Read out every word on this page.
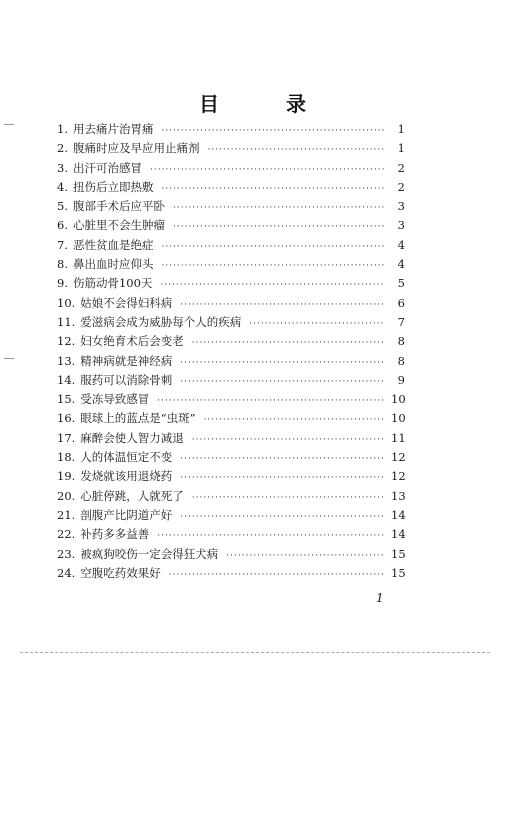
目 录
1. 用去痛片治胃痛 ·····	1
2. 腹痛时应及早应用止痛剂 ·····	1
3. 出汗可治感冒 ·····	2
4. 扭伤后立即热敷 ·····	2
5. 腹部手术后应平卧 ·····	3
6. 心脏里不会生肿瘤 ·····	3
7. 恶性贫血是绝症 ·····	4
8. 鼻出血时应仰头 ·····	4
9. 伤筋动骨100天 ·····	5
10. 姑娘不会得妇科病 ·····	6
11. 爱滋病会成为威胁每个人的疾病 ·····	7
12. 妇女绝育术后会变老 ·····	8
13. 精神病就是神经病 ·····	8
14. 服药可以消除骨刺 ·····	9
15. 受冻导致感冒 ·····	10
16. 眼球上的蓝点是“虫斑” ·····	10
17. 麻醉会使人智力减退 ·····	11
18. 人的体温恒定不变 ·····	12
19. 发烧就该用退烧药 ·····	12
20. 心脏停跳，人就死了 ·····	13
21. 剖腹产比阴道产好 ·····	14
22. 补药多多益善 ·····	14
23. 被疯狗咬伤一定会得狂犬病 ·····	15
24. 空腹吃药效果好 ·····	15
1
